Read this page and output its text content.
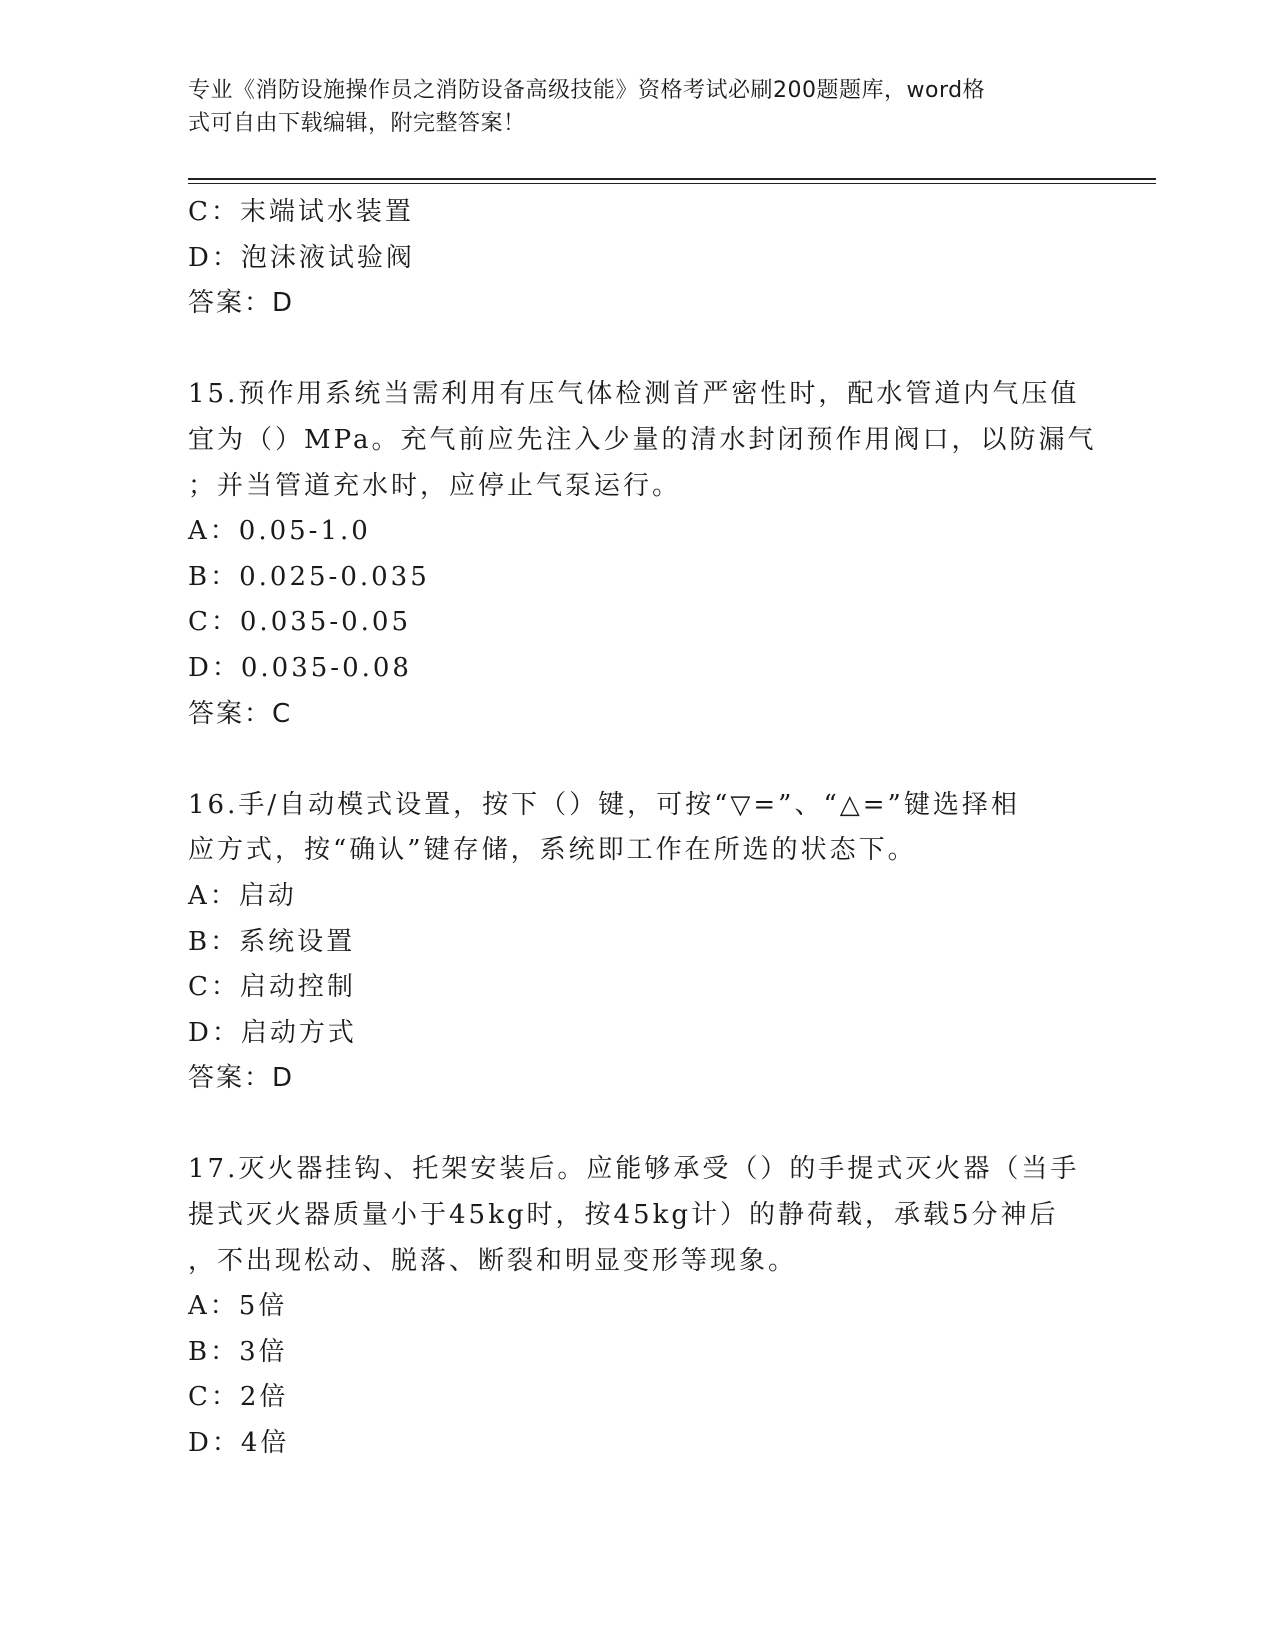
专业《消防设施操作员之消防设备高级技能》资格考试必刷200题题库，word格
式可自由下载编辑，附完整答案！
C：末端试水装置
D：泡沫液试验阀
答案：D
15.预作用系统当需利用有压气体检测首严密性时，配水管道内气压值
宜为（）MPa。充气前应先注入少量的清水封闭预作用阀口，以防漏气
；并当管道充水时，应停止气泵运行。
A：0.05-1.0
B：0.025-0.035
C：0.035-0.05
D：0.035-0.08
答案：C
16.手/自动模式设置，按下（）键，可按“▽=”、“△=”键选择相
应方式，按“确认”键存储，系统即工作在所选的状态下。
A：启动
B：系统设置
C：启动控制
D：启动方式
答案：D
17.灭火器挂钩、托架安装后。应能够承受（）的手提式灭火器（当手
提式灭火器质量小于45kg时，按45kg计）的静荷载，承载5分神后
，不出现松动、脱落、断裂和明显变形等现象。
A：5倍
B：3倍
C：2倍
D：4倍
